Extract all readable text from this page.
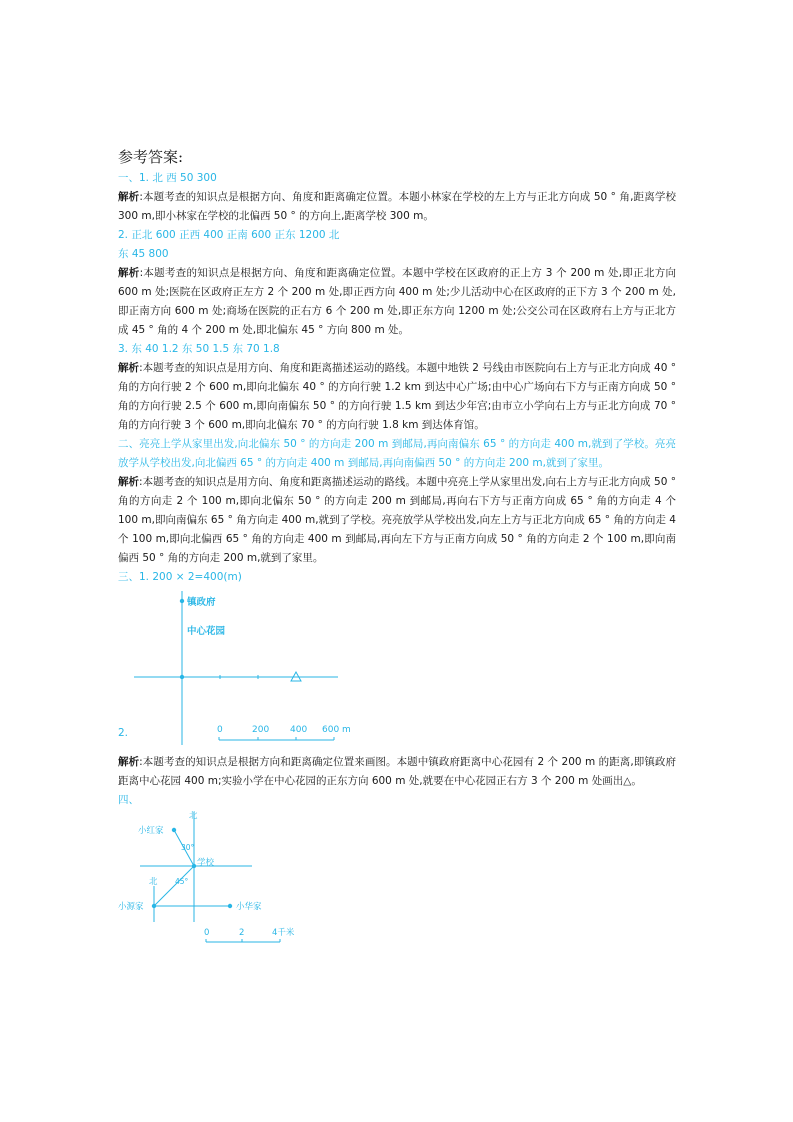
参考答案:

一、1. 北 西 50 300

解析:本题考查的知识点是根据方向、角度和距离确定位置。本题小林家在学校的左上方与正北方向成 50 ° 角,距离学校 300 m,即小林家在学校的北偏西 50 ° 的方向上,距离学校 300 m。

2. 正北 600 正西 400 正南 600 正东 1200 北

东 45 800

解析:本题考查的知识点是根据方向、角度和距离确定位置。本题中学校在区政府的正上方 3 个 200 m 处,即正北方向 600 m 处;医院在区政府正左方 2 个 200 m 处,即正西方向 400 m 处;少儿活动中心在区政府的正下方 3 个 200 m 处,即正南方向 600 m 处;商场在医院的正右方 6 个 200 m 处,即正东方向 1200 m 处;公交公司在区政府右上方与正北方成 45 ° 角的 4 个 200 m 处,即北偏东 45 ° 方向 800 m 处。

3. 东 40 1.2 东 50 1.5 东 70 1.8

解析:本题考查的知识点是用方向、角度和距离描述运动的路线。本题中地铁 2 号线由市医院向右上方与正北方向成 40 ° 角的方向行驶 2 个 600 m,即向北偏东 40 ° 的方向行驶 1.2 km 到达中心广场;由中心广场向右下方与正南方向成 50 ° 角的方向行驶 2.5 个 600 m,即向南偏东 50 ° 的方向行驶 1.5 km 到达少年宫;由市立小学向右上方与正北方向成 70 ° 角的方向行驶 3 个 600 m,即向北偏东 70 ° 的方向行驶 1.8 km 到达体育馆。

二、亮亮上学从家里出发,向北偏东 50 ° 的方向走 200 m 到邮局,再向南偏东 65 ° 的方向走 400 m,就到了学校。亮亮放学从学校出发,向北偏西 65 ° 的方向走 400 m 到邮局,再向南偏西 50 ° 的方向走 200 m,就到了家里。

解析:本题考查的知识点是用方向、角度和距离描述运动的路线。本题中亮亮上学从家里出发,向右上方与正北方向成 50 ° 角的方向走 2 个 100 m,即向北偏东 50 ° 的方向走 200 m 到邮局,再向右下方与正南方向成 65 ° 角的方向走 4 个 100 m,即向南偏东 65 ° 角方向走 400 m,就到了学校。亮亮放学从学校出发,向左上方与正北方向成 65 ° 角的方向走 4 个 100 m,即向北偏西 65 ° 角的方向走 400 m 到邮局,再向左下方与正南方向成 50 ° 角的方向走 2 个 100 m,即向南偏西 50 ° 角的方向走 200 m,就到了家里。

三、1. 200 × 2=400(m)

2.
镇政府
中心花园
0	200 400 600 m

解析:本题考查的知识点是根据方向和距离确定位置来画图。本题中镇政府距离中心花园有 2 个 200 m 的距离,即镇政府距离中心花园 400 m;实验小学在中心花园的正东方向 600 m 处,就要在中心花园正右方 3 个 200 m 处画出△。

四、

北
小红家
30°
学校
北 45°
小源家	小华家
0	2	4千米
